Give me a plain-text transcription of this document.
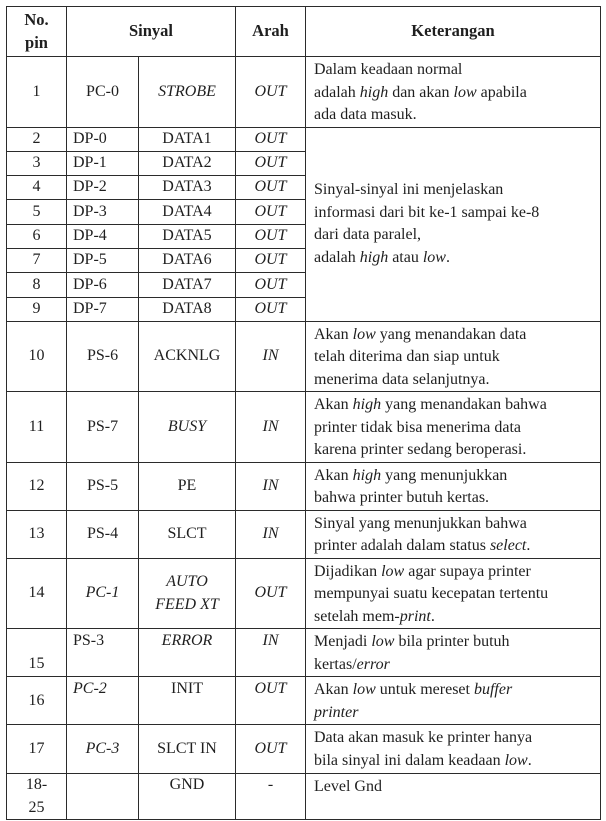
No. pin	Sinyal		Arah	Keterangan
1	PC-0	STROBE	OUT	Dalam keadaan normal
adalah high dan akan low apabila
ada data masuk.
2	DP-0	DATA1	OUT	Sinyal-sinyal ini menjelaskan
informasi dari bit ke-1 sampai ke-8
dari data paralel,
adalah high atau low.
3	DP-1	DATA2	OUT	
4	DP-2	DATA3	OUT	
5	DP-3	DATA4	OUT	
6	DP-4	DATA5	OUT	
7	DP-5	DATA6	OUT	
8	DP-6	DATA7	OUT	
9	DP-7	DATA8	OUT	
10	PS-6	ACKNLG	IN	Akan low yang menandakan data
telah diterima dan siap untuk
menerima data selanjutnya.
11	PS-7	BUSY	IN	Akan high yang menandakan bahwa
printer tidak bisa menerima data
karena printer sedang beroperasi.
12	PS-5	PE	IN	Akan high yang menunjukkan
bahwa printer butuh kertas.
13	PS-4	SLCT	IN	Sinyal yang menunjukkan bahwa
printer adalah dalam status select.
14	PC-1	AUTO
FEED XT	OUT	Dijadikan low agar supaya printer
mempunyai suatu kecepatan tertentu
setelah mem-print.
15	PS-3	ERROR	IN	Menjadi low bila printer butuh
kertas/error
16	PC-2	INIT	OUT	Akan low untuk mereset buffer
printer
17	PC-3	SLCT IN	OUT	Data akan masuk ke printer hanya
bila sinyal ini dalam keadaan low.
18-
25		GND	-	Level Gnd
